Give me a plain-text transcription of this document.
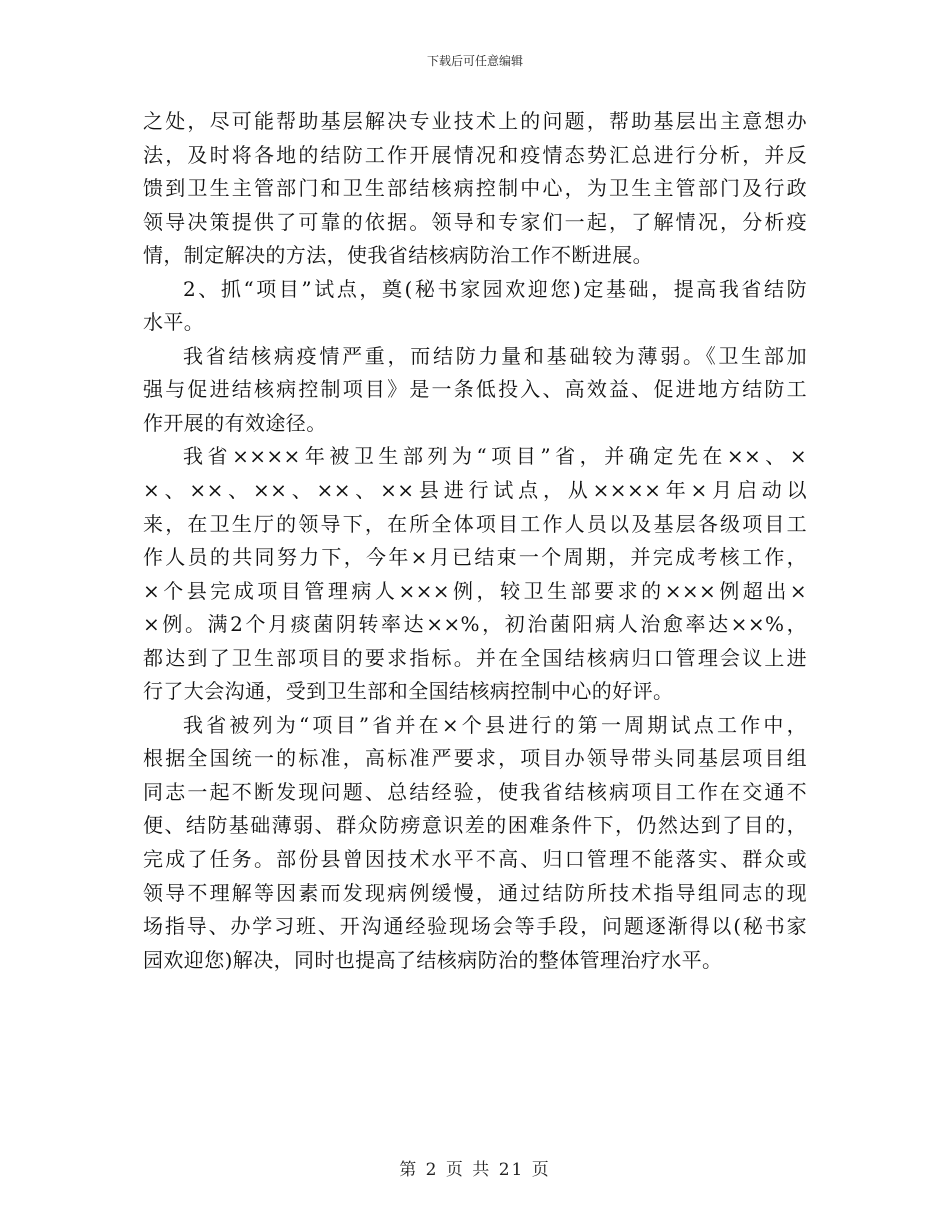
下载后可任意编辑
之处，尽可能帮助基层解决专业技术上的问题，帮助基层出主意想办
法，及时将各地的结防工作开展情况和疫情态势汇总进行分析，并反
馈到卫生主管部门和卫生部结核病控制中心，为卫生主管部门及行政
领导决策提供了可靠的依据。领导和专家们一起，了解情况，分析疫
情，制定解决的方法，使我省结核病防治工作不断进展。
2、抓“项目”试点，奠(秘书家园欢迎您)定基础，提高我省结防
水平。
我省结核病疫情严重，而结防力量和基础较为薄弱。《卫生部加
强与促进结核病控制项目》是一条低投入、高效益、促进地方结防工
作开展的有效途径。
我省××××年被卫生部列为“项目”省，并确定先在××、×
×、××、××、××、××县进行试点，从××××年×月启动以
来，在卫生厅的领导下，在所全体项目工作人员以及基层各级项目工
作人员的共同努力下，今年×月已结束一个周期，并完成考核工作，
×个县完成项目管理病人×××例，较卫生部要求的×××例超出×
×例。满2个月痰菌阴转率达××%，初治菌阳病人治愈率达××%，
都达到了卫生部项目的要求指标。并在全国结核病归口管理会议上进
行了大会沟通，受到卫生部和全国结核病控制中心的好评。
我省被列为“项目”省并在×个县进行的第一周期试点工作中，
根据全国统一的标准，高标准严要求，项目办领导带头同基层项目组
同志一起不断发现问题、总结经验，使我省结核病项目工作在交通不
便、结防基础薄弱、群众防痨意识差的困难条件下，仍然达到了目的，
完成了任务。部份县曾因技术水平不高、归口管理不能落实、群众或
领导不理解等因素而发现病例缓慢，通过结防所技术指导组同志的现
场指导、办学习班、开沟通经验现场会等手段，问题逐渐得以(秘书家
园欢迎您)解决，同时也提高了结核病防治的整体管理治疗水平。
第 2 页 共 21 页
